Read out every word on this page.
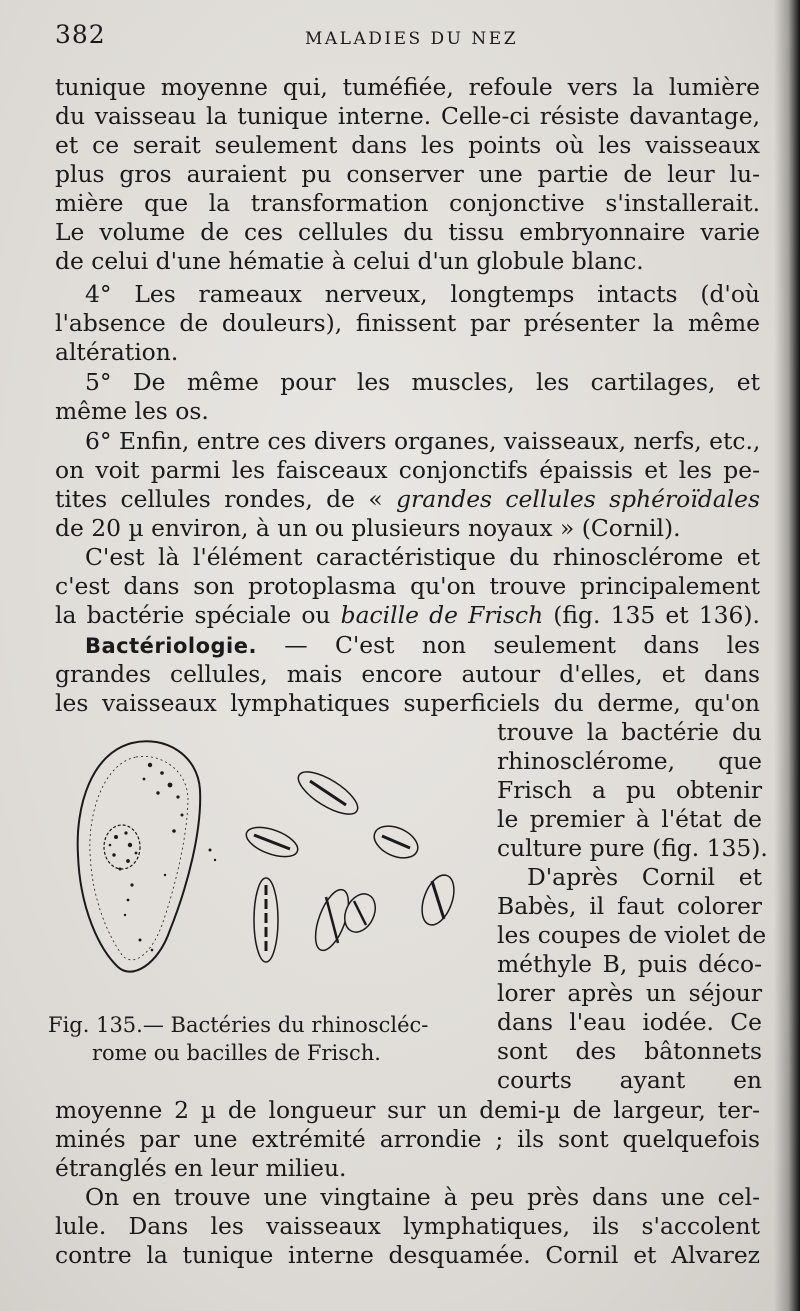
382	MALADIES DU NEZ
tunique moyenne qui, tuméfiée, refoule vers la lumière
du vaisseau la tunique interne. Celle-ci résiste davantage,
et ce serait seulement dans les points où les vaisseaux
plus gros auraient pu conserver une partie de leur lu-
mière que la transformation conjonctive s'installerait.
Le volume de ces cellules du tissu embryonnaire varie
de celui d'une hématie à celui d'un globule blanc.
4° Les rameaux nerveux, longtemps intacts (d'où
l'absence de douleurs), finissent par présenter la même
altération.
5° De même pour les muscles, les cartilages, et
même les os.
6° Enfin, entre ces divers organes, vaisseaux, nerfs, etc.,
on voit parmi les faisceaux conjonctifs épaissis et les pe-
tites cellules rondes, de « grandes cellules sphéroïdales
de 20 µ environ, à un ou plusieurs noyaux » (Cornil).
C'est là l'élément caractéristique du rhinosclérome et
c'est dans son protoplasma qu'on trouve principalement
la bactérie spéciale ou bacille de Frisch (fig. 135 et 136).
Bactériologie. — C'est non seulement dans les
grandes cellules, mais encore autour d'elles, et dans
les vaisseaux lymphatiques superficiels du derme, qu'on
trouve la bactérie du
rhinosclérome, que
Frisch a pu obtenir
le premier à l'état de
culture pure (fig. 135).
D'après Cornil et
Babès, il faut colorer
les coupes de violet de
méthyle B, puis déco-
lorer après un séjour
dans l'eau iodée. Ce
sont des bâtonnets
courts ayant en
Fig. 135.— Bactéries du rhinoscléc-
rome ou bacilles de Frisch.
moyenne 2 µ de longueur sur un demi-µ de largeur, ter-
minés par une extrémité arrondie ; ils sont quelquefois
étranglés en leur milieu.
On en trouve une vingtaine à peu près dans une cel-
lule. Dans les vaisseaux lymphatiques, ils s'accolent
contre la tunique interne desquamée. Cornil et Alvarez
